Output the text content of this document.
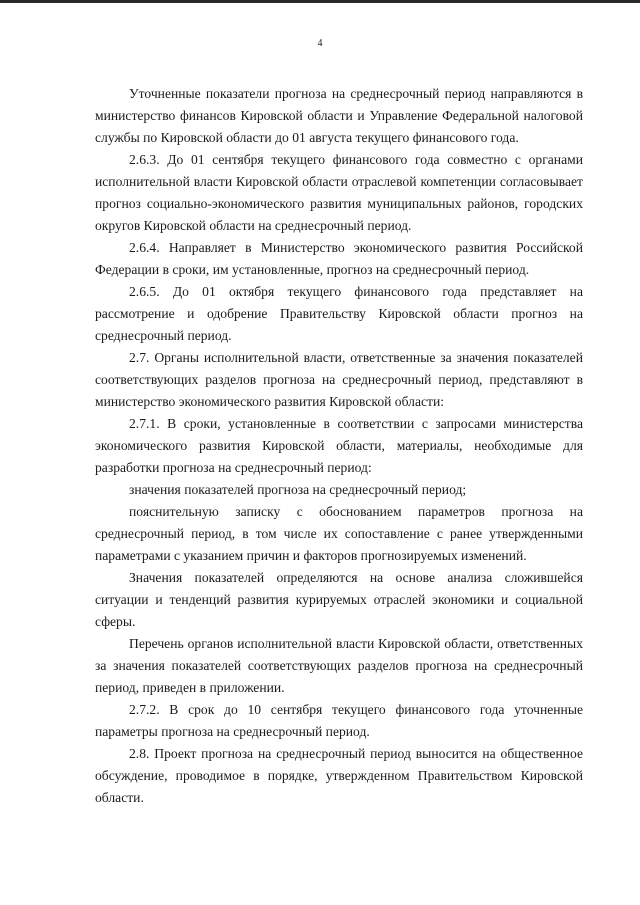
4

Уточненные показатели прогноза на среднесрочный период направляются в министерство финансов Кировской области и Управление Федеральной налоговой службы по Кировской области до 01 августа текущего финансового года.

2.6.3. До 01 сентября текущего финансового года совместно с органами исполнительной власти Кировской области отраслевой компетенции согласовывает прогноз социально-экономического развития муниципальных районов, городских округов Кировской области на среднесрочный период.

2.6.4. Направляет в Министерство экономического развития Российской Федерации в сроки, им установленные, прогноз на среднесрочный период.

2.6.5. До 01 октября текущего финансового года представляет на рассмотрение и одобрение Правительству Кировской области прогноз на среднесрочный период.

2.7. Органы исполнительной власти, ответственные за значения показателей соответствующих разделов прогноза на среднесрочный период, представляют в министерство экономического развития Кировской области:

2.7.1. В сроки, установленные в соответствии с запросами министерства экономического развития Кировской области, материалы, необходимые для разработки прогноза на среднесрочный период:

значения показателей прогноза на среднесрочный период;

пояснительную записку с обоснованием параметров прогноза на среднесрочный период, в том числе их сопоставление с ранее утвержденными параметрами с указанием причин и факторов прогнозируемых изменений.

Значения показателей определяются на основе анализа сложившейся ситуации и тенденций развития курируемых отраслей экономики и социальной сферы.

Перечень органов исполнительной власти Кировской области, ответственных за значения показателей соответствующих разделов прогноза на среднесрочный период, приведен в приложении.

2.7.2. В срок до 10 сентября текущего финансового года уточненные параметры прогноза на среднесрочный период.

2.8. Проект прогноза на среднесрочный период выносится на общественное обсуждение, проводимое в порядке, утвержденном Правительством Кировской области.
